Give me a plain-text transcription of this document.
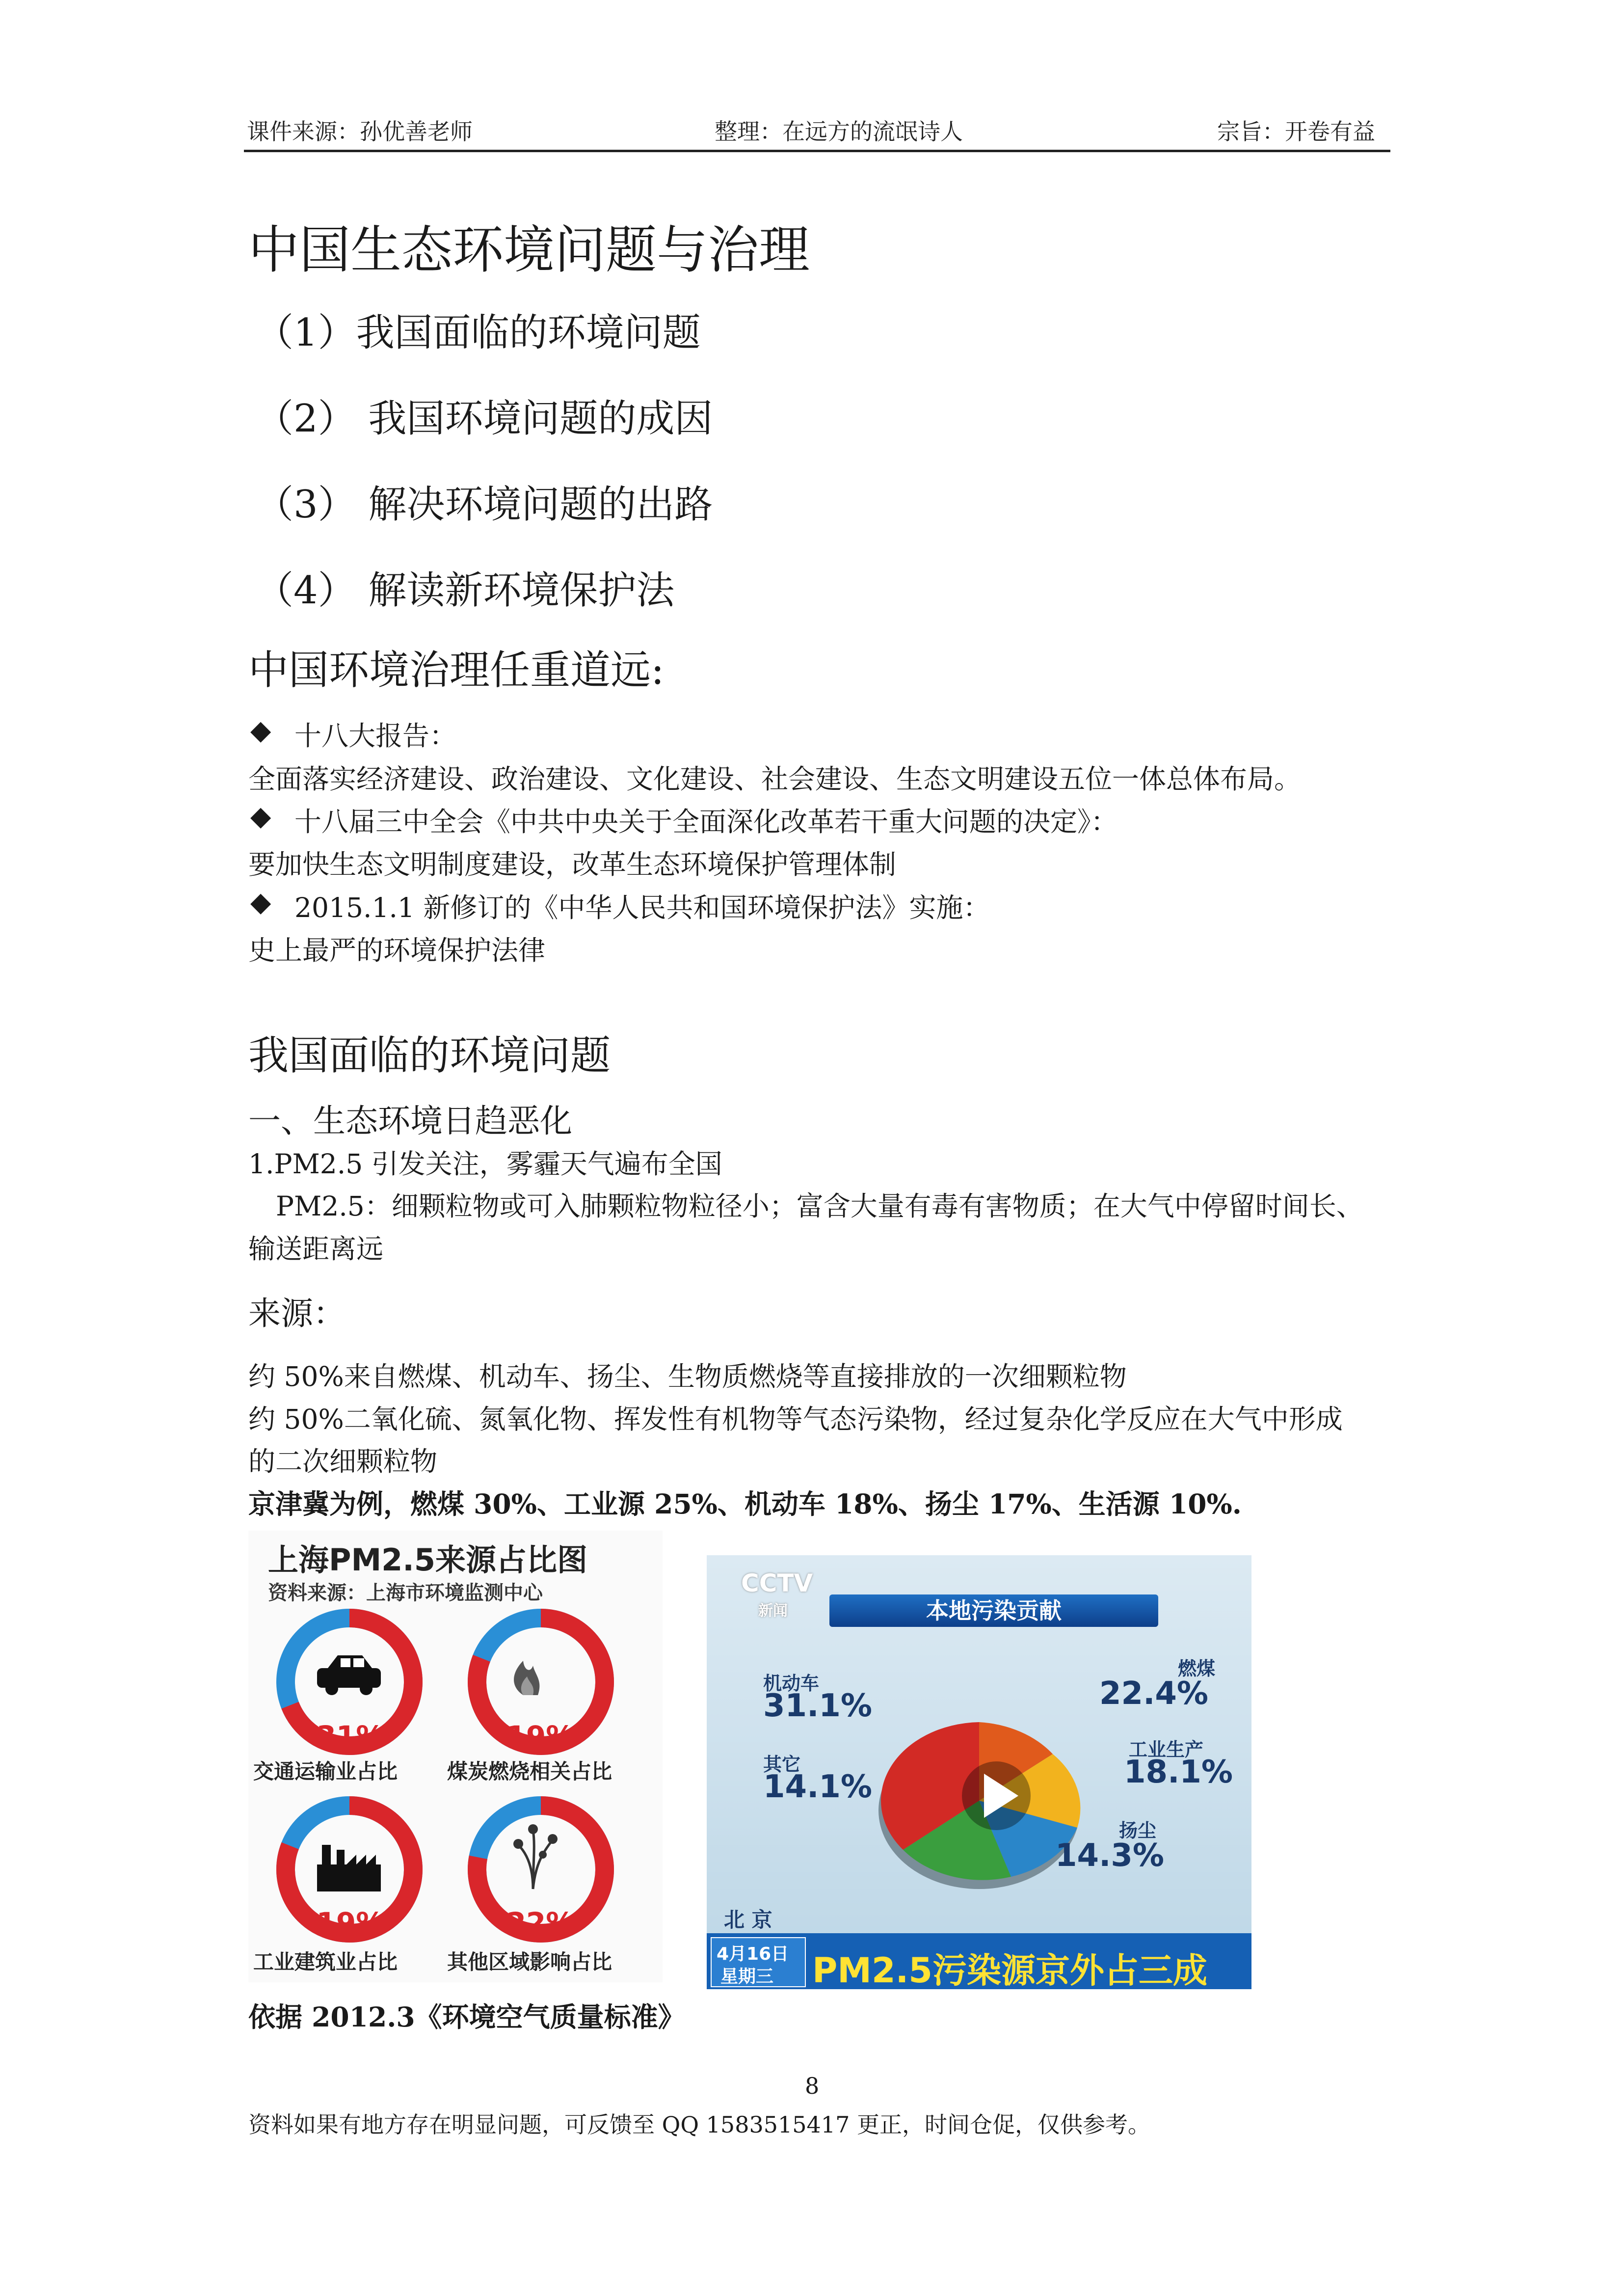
课件来源：孙优善老师	整理：在远方的流氓诗人	宗旨：开卷有益
中国生态环境问题与治理
（1）我国面临的环境问题
（2） 我国环境问题的成因
（3） 解决环境问题的出路
（4） 解读新环境保护法
中国环境治理任重道远:
◆ 十八大报告：
全面落实经济建设、政治建设、文化建设、社会建设、生态文明建设五位一体总体布局。
◆ 十八届三中全会《中共中央关于全面深化改革若干重大问题的决定》：
要加快生态文明制度建设，改革生态环境保护管理体制
◆ 2015.1.1 新修订的《中华人民共和国环境保护法》实施：
史上最严的环境保护法律
我国面临的环境问题
一、生态环境日趋恶化
1.PM2.5 引发关注，雾霾天气遍布全国
PM2.5：细颗粒物或可入肺颗粒物粒径小；富含大量有毒有害物质；在大气中停留时间长、
输送距离远
来源：
约 50%来自燃煤、机动车、扬尘、生物质燃烧等直接排放的一次细颗粒物
约 50%二氧化硫、氮氧化物、挥发性有机物等气态污染物，经过复杂化学反应在大气中形成
的二次细颗粒物
京津冀为例，燃煤 30%、工业源 25%、机动车 18%、扬尘 17%、生活源 10%.
上海PM2.5来源占比图
资料来源：上海市环境监测中心
31%	19%
19%	22%
交通运输业占比 煤炭燃烧相关占比
工业建筑业占比 其他区域影响占比
CCTV
新闻	本地污染贡献
机动车
31.1%
燃煤
22.4%
其它
14.1%
工业生产
18.1%
扬尘
14.3%
北 京
4月16日
星期三 PM2.5污染源京外占三成
依据 2012.3《环境空气质量标准》
8
资料如果有地方存在明显问题，可反馈至 QQ 1583515417 更正，时间仓促，仅供参考。
